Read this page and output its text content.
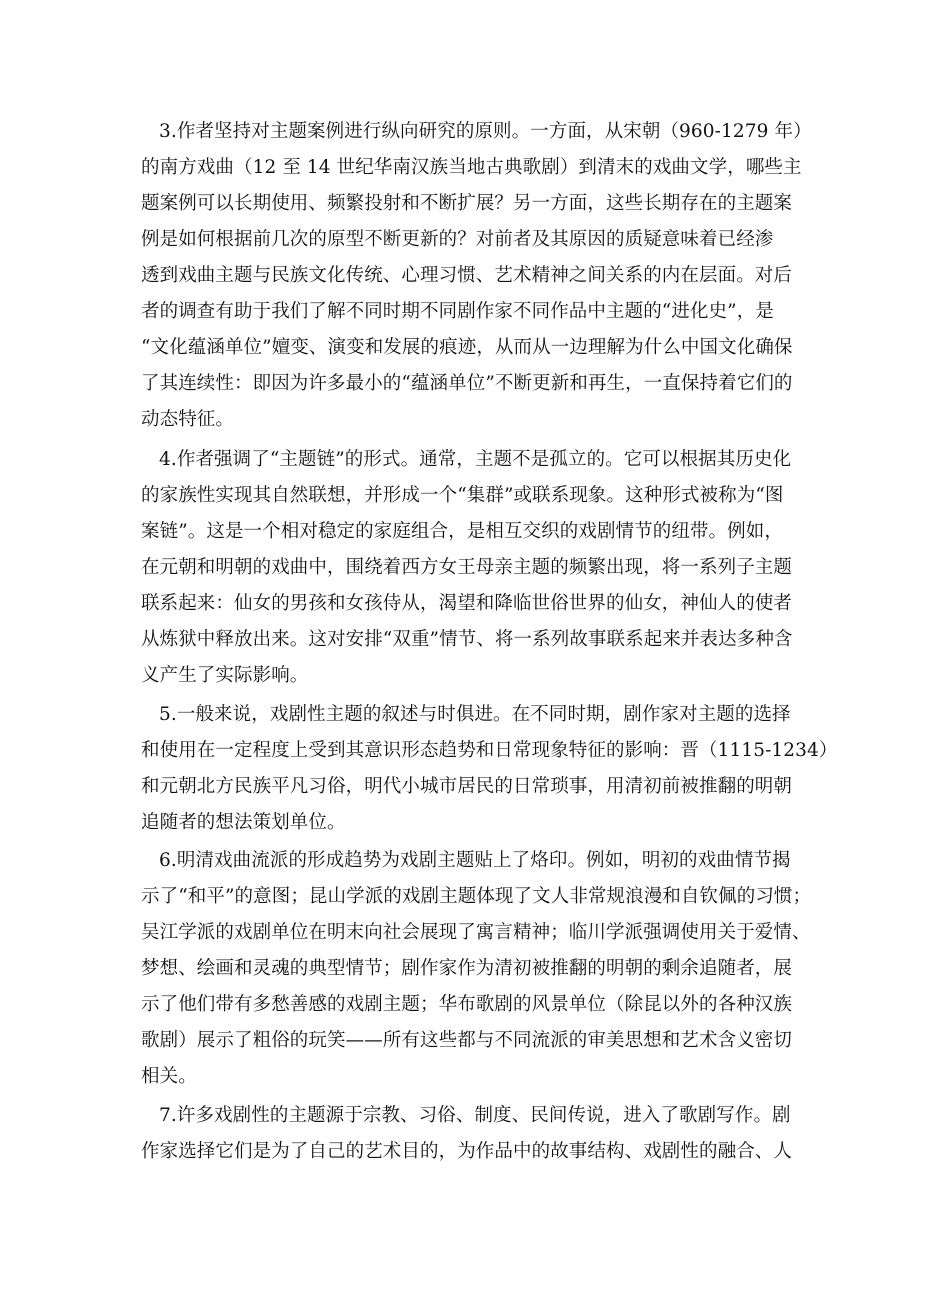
3.作者坚持对主题案例进行纵向研究的原则。一方面，从宋朝（960-1279 年）
的南方戏曲（12 至 14 世纪华南汉族当地古典歌剧）到清末的戏曲文学，哪些主
题案例可以长期使用、频繁投射和不断扩展？另一方面，这些长期存在的主题案
例是如何根据前几次的原型不断更新的？对前者及其原因的质疑意味着已经渗
透到戏曲主题与民族文化传统、心理习惯、艺术精神之间关系的内在层面。对后
者的调查有助于我们了解不同时期不同剧作家不同作品中主题的“进化史”，是
“文化蕴涵单位”嬗变、演变和发展的痕迹，从而从一边理解为什么中国文化确保
了其连续性：即因为许多最小的“蕴涵单位”不断更新和再生，一直保持着它们的
动态特征。
4.作者强调了“主题链”的形式。通常，主题不是孤立的。它可以根据其历史化
的家族性实现其自然联想，并形成一个“集群”或联系现象。这种形式被称为“图
案链”。这是一个相对稳定的家庭组合，是相互交织的戏剧情节的纽带。例如，
在元朝和明朝的戏曲中，围绕着西方女王母亲主题的频繁出现，将一系列子主题
联系起来：仙女的男孩和女孩侍从，渴望和降临世俗世界的仙女，神仙人的使者
从炼狱中释放出来。这对安排“双重”情节、将一系列故事联系起来并表达多种含
义产生了实际影响。
5.一般来说，戏剧性主题的叙述与时俱进。在不同时期，剧作家对主题的选择
和使用在一定程度上受到其意识形态趋势和日常现象特征的影响：晋（1115-1234）
和元朝北方民族平凡习俗，明代小城市居民的日常琐事，用清初前被推翻的明朝
追随者的想法策划单位。
6.明清戏曲流派的形成趋势为戏剧主题贴上了烙印。例如，明初的戏曲情节揭
示了“和平”的意图；昆山学派的戏剧主题体现了文人非常规浪漫和自钦佩的习惯；
吴江学派的戏剧单位在明末向社会展现了寓言精神；临川学派强调使用关于爱情、
梦想、绘画和灵魂的典型情节；剧作家作为清初被推翻的明朝的剩余追随者，展
示了他们带有多愁善感的戏剧主题；华布歌剧的风景单位（除昆以外的各种汉族
歌剧）展示了粗俗的玩笑——所有这些都与不同流派的审美思想和艺术含义密切
相关。
7.许多戏剧性的主题源于宗教、习俗、制度、民间传说，进入了歌剧写作。剧
作家选择它们是为了自己的艺术目的，为作品中的故事结构、戏剧性的融合、人
